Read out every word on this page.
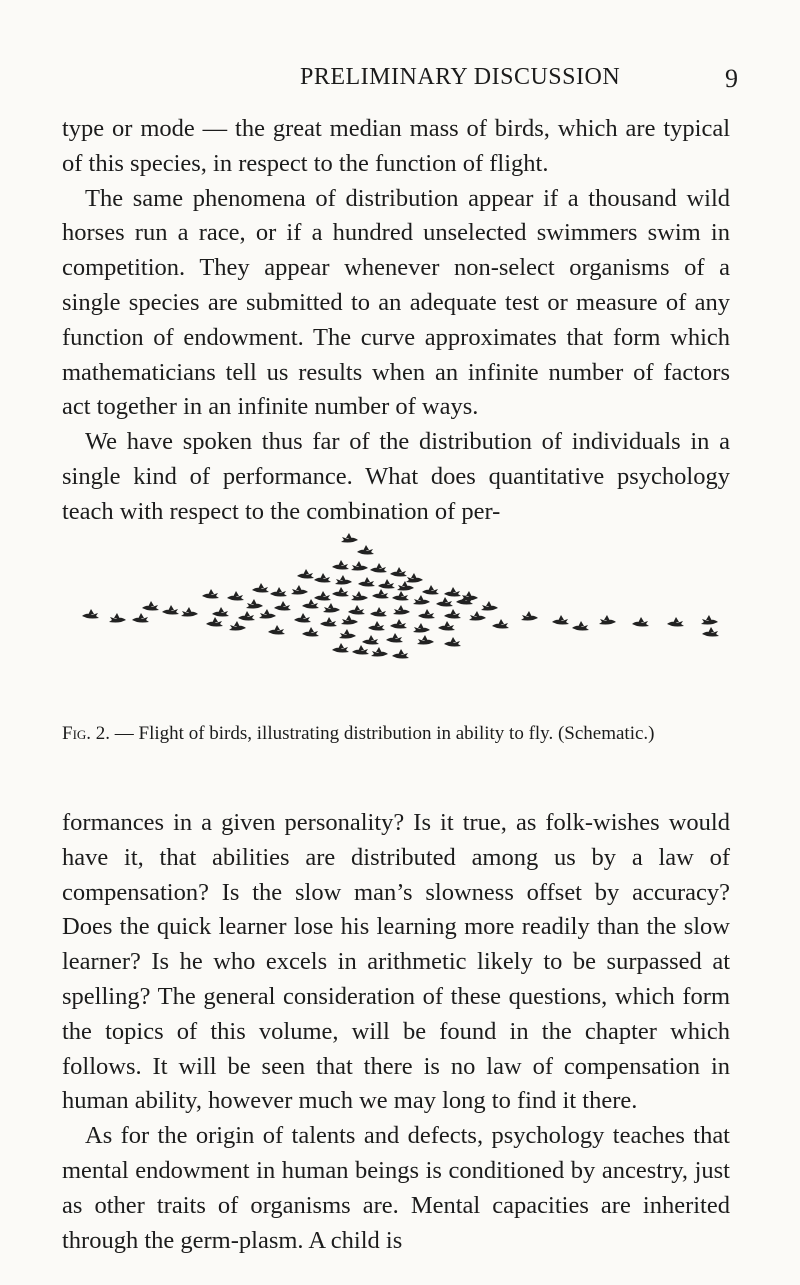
PRELIMINARY DISCUSSION	9

type or mode — the great median mass of birds, which are typical of this species, in respect to the function of flight.

The same phenomena of distribution appear if a thousand wild horses run a race, or if a hundred unselected swimmers swim in competition. They appear whenever non-select organisms of a single species are submitted to an adequate test or measure of any function of endowment. The curve approximates that form which mathematicians tell us results when an infinite number of factors act together in an infinite number of ways.

We have spoken thus far of the distribution of individuals in a single kind of performance. What does quantitative psychology teach with respect to the combination of per-

Fig. 2. — Flight of birds, illustrating distribution in ability to fly. (Schematic.)

formances in a given personality? Is it true, as folk-wishes would have it, that abilities are distributed among us by a law of compensation? Is the slow man’s slowness offset by accuracy? Does the quick learner lose his learning more readily than the slow learner? Is he who excels in arithmetic likely to be surpassed at spelling? The general consideration of these questions, which form the topics of this volume, will be found in the chapter which follows. It will be seen that there is no law of compensation in human ability, however much we may long to find it there.

As for the origin of talents and defects, psychology teaches that mental endowment in human beings is conditioned by ancestry, just as other traits of organisms are. Mental capacities are inherited through the germ-plasm. A child is
